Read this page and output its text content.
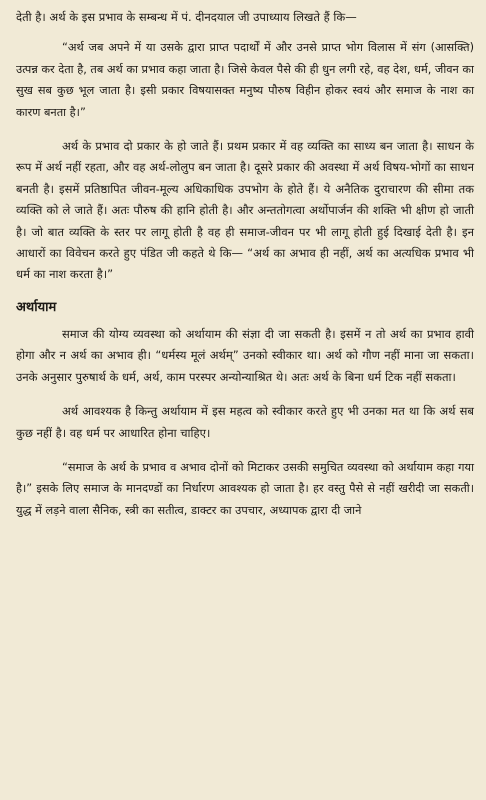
देती है। अर्थ के इस प्रभाव के सम्बन्ध में पं. दीनदयाल जी उपाध्याय लिखते हैं कि—

“अर्थ जब अपने में या उसके द्वारा प्राप्त पदार्थों में और उनसे प्राप्त भोग विलास में संग (आसक्ति) उत्पन्न कर देता है, तब अर्थ का प्रभाव कहा जाता है। जिसे केवल पैसे की ही धुन लगी रहे, वह देश, धर्म, जीवन का सुख सब कुछ भूल जाता है। इसी प्रकार विषयासक्त मनुष्य पौरुष विहीन होकर स्वयं और समाज के नाश का कारण बनता है।”

अर्थ के प्रभाव दो प्रकार के हो जाते हैं। प्रथम प्रकार में वह व्यक्ति का साध्य बन जाता है। साधन के रूप में अर्थ नहीं रहता, और वह अर्थ-लोलुप बन जाता है। दूसरे प्रकार की अवस्था में अर्थ विषय-भोगों का साधन बनती है। इसमें प्रतिष्ठापित जीवन-मूल्य अधिकाधिक उपभोग के होते हैं। ये अनैतिक दुराचारण की सीमा तक व्यक्ति को ले जाते हैं। अतः पौरुष की हानि होती है। और अन्ततोगत्वा अर्थोपार्जन की शक्ति भी क्षीण हो जाती है। जो बात व्यक्ति के स्तर पर लागू होती है वह ही समाज-जीवन पर भी लागू होती हुई दिखाई देती है। इन आधारों का विवेचन करते हुए पंडित जी कहते थे कि— “अर्थ का अभाव ही नहीं, अर्थ का अत्यधिक प्रभाव भी धर्म का नाश करता है।”

अर्थायाम

समाज की योग्य व्यवस्था को अर्थायाम की संज्ञा दी जा सकती है। इसमें न तो अर्थ का प्रभाव हावी होगा और न अर्थ का अभाव ही। “धर्मस्य मूलं अर्थम्” उनको स्वीकार था। अर्थ को गौण नहीं माना जा सकता। उनके अनुसार पुरुषार्थ के धर्म, अर्थ, काम परस्पर अन्योन्याश्रित थे। अतः अर्थ के बिना धर्म टिक नहीं सकता।

अर्थ आवश्यक है किन्तु अर्थायाम में इस महत्व को स्वीकार करते हुए भी उनका मत था कि अर्थ सब कुछ नहीं है। वह धर्म पर आधारित होना चाहिए।

“समाज के अर्थ के प्रभाव व अभाव दोनों को मिटाकर उसकी समुचित व्यवस्था को अर्थायाम कहा गया है।” इसके लिए समाज के मानदण्डों का निर्धारण आवश्यक हो जाता है। हर वस्तु पैसे से नहीं खरीदी जा सकती। युद्ध में लड़ने वाला सैनिक, स्त्री का सतीत्व, डाक्टर का उपचार, अध्यापक द्वारा दी जाने
